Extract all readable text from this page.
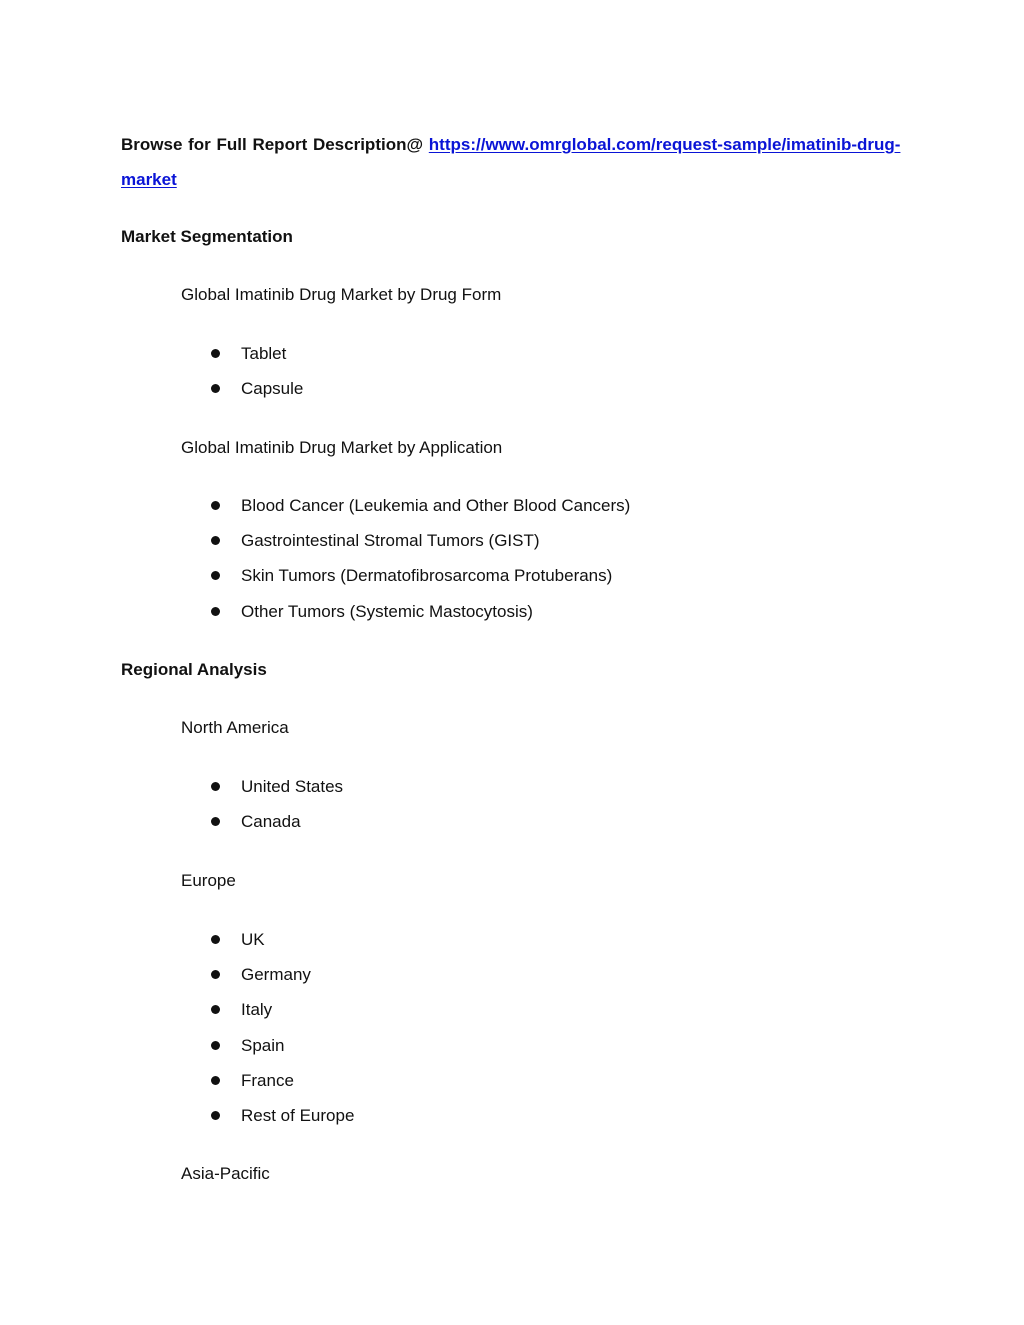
Browse for Full Report Description@ https://www.omrglobal.com/request-sample/imatinib-drug-market
Market Segmentation
Global Imatinib Drug Market by Drug Form
Tablet
Capsule
Global Imatinib Drug Market by Application
Blood Cancer (Leukemia and Other Blood Cancers)
Gastrointestinal Stromal Tumors (GIST)
Skin Tumors (Dermatofibrosarcoma Protuberans)
Other Tumors (Systemic Mastocytosis)
Regional Analysis
North America
United States
Canada
Europe
UK
Germany
Italy
Spain
France
Rest of Europe
Asia-Pacific
